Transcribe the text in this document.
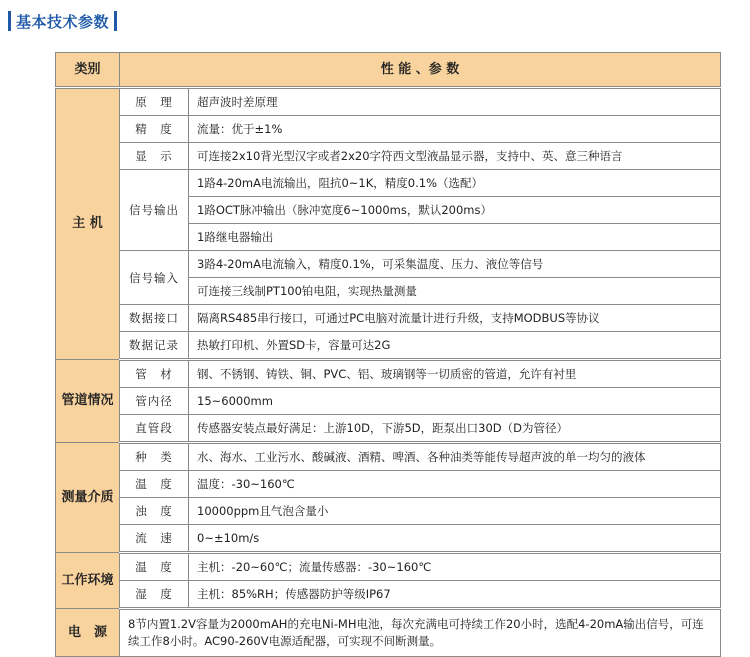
基本技术参数
类别	性 能 、参 数	
主 机	原　理	超声波时差原理
	精　度	流量：优于±1%
	显　示	可连接2x10背光型汉字或者2x20字符西文型液晶显示器，支持中、英、意三种语言
	信号输出	1路4-20mA电流输出，阻抗0~1K，精度0.1%（选配）
		1路OCT脉冲输出（脉冲宽度6~1000ms，默认200ms）
		1路继电器输出
	信号输入	3路4-20mA电流输入，精度0.1%，可采集温度、压力、液位等信号
		可连接三线制PT100铂电阻，实现热量测量
	数据接口	隔离RS485串行接口，可通过PC电脑对流量计进行升级，支持MODBUS等协议
	数据记录	热敏打印机、外置SD卡，容量可达2G
管道情况	管　材	钢、不锈钢、铸铁、铜、PVC、铝、玻璃钢等一切质密的管道，允许有衬里
	管内径	15~6000mm
	直管段	传感器安装点最好满足：上游10D，下游5D，距泵出口30D（D为管径）
测量介质	种　类	水、海水、工业污水、酸碱液、酒精、啤酒、各种油类等能传导超声波的单一均匀的液体
	温　度	温度：-30~160℃
	浊　度	10000ppm且气泡含量小
	流　速	0~±10m/s
工作环境	温　度	主机：-20~60℃；流量传感器：-30~160℃
	湿　度	主机：85%RH；传感器防护等级IP67
电　源	8节内置1.2V容量为2000mAH的充电Ni-MH电池，每次充满电可持续工作20小时，选配4-20mA输出信号，可连续工作8小时。AC90-260V电源适配器，可实现不间断测量。	
